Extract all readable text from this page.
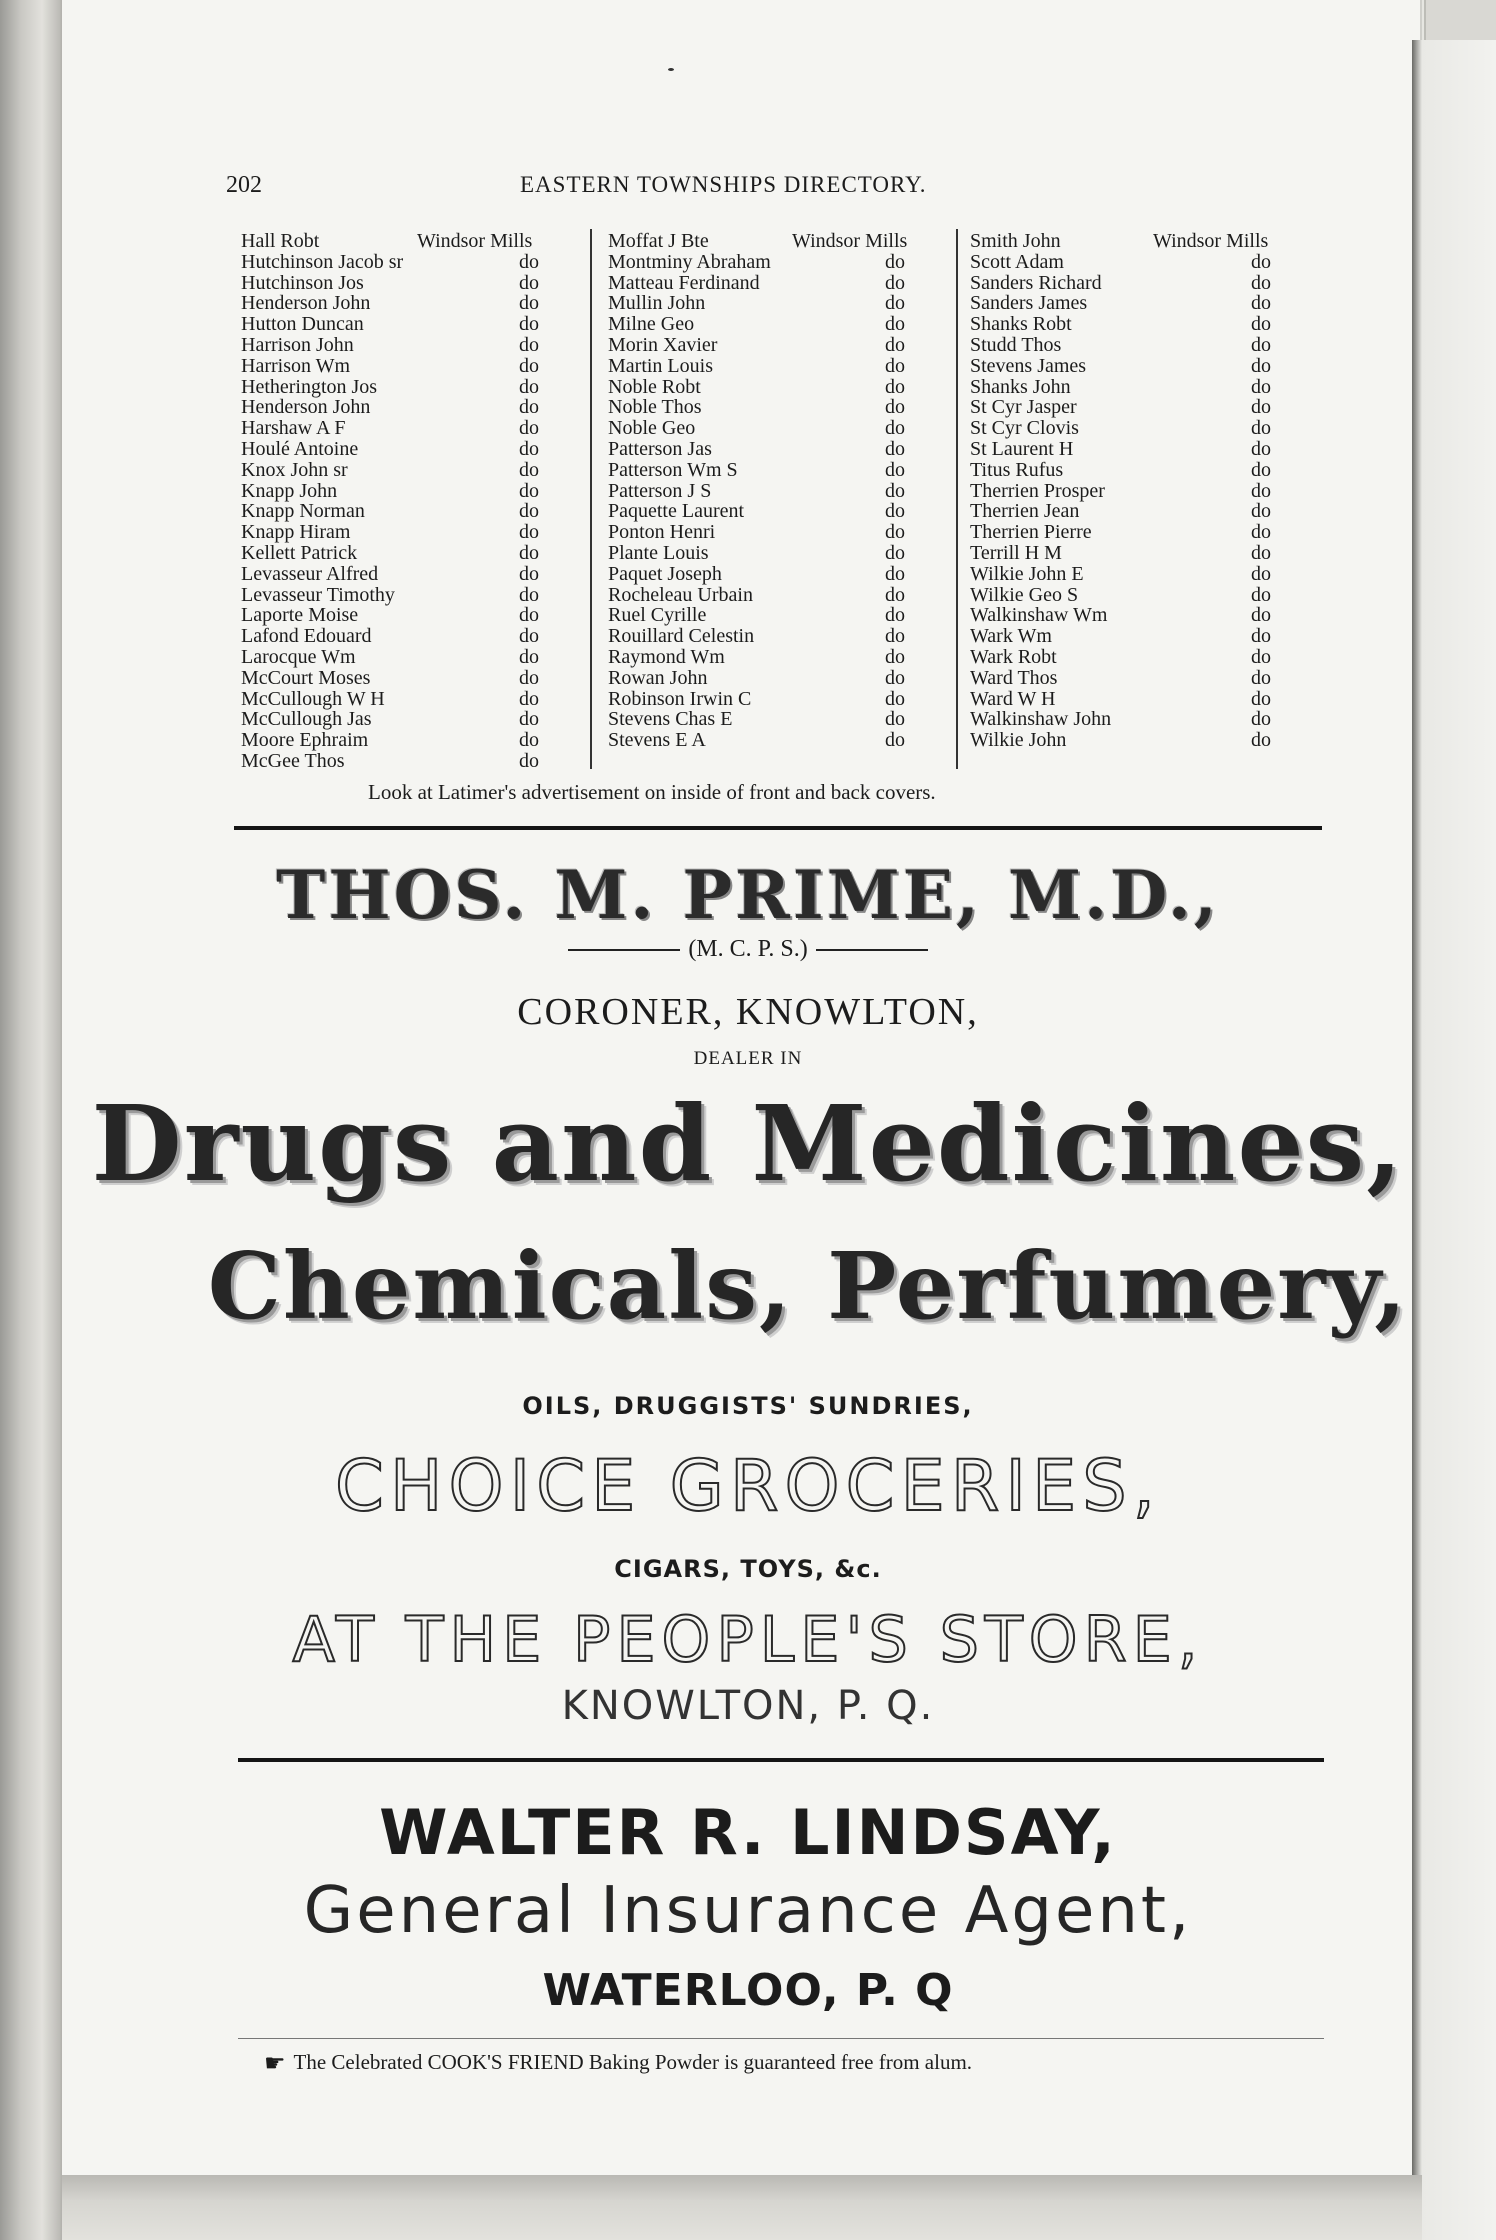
202	EASTERN TOWNSHIPS DIRECTORY.
Hall Robt	Windsor Mills
Hutchinson Jacob sr	do
Hutchinson Jos	do
Henderson John	do
Hutton Duncan	do
Harrison John	do
Harrison Wm	do
Hetherington Jos	do
Henderson John	do
Harshaw A F	do
Houlé Antoine	do
Knox John sr	do
Knapp John	do
Knapp Norman	do
Knapp Hiram	do
Kellett Patrick	do
Levasseur Alfred	do
Levasseur Timothy	do
Laporte Moise	do
Lafond Edouard	do
Larocque Wm	do
McCourt Moses	do
McCullough W H	do
McCullough Jas	do
Moore Ephraim	do
McGee Thos	do
Moffat J Bte	Windsor Mills
Montminy Abraham	do
Matteau Ferdinand	do
Mullin John	do
Milne Geo	do
Morin Xavier	do
Martin Louis	do
Noble Robt	do
Noble Thos	do
Noble Geo	do
Patterson Jas	do
Patterson Wm S	do
Patterson J S	do
Paquette Laurent	do
Ponton Henri	do
Plante Louis	do
Paquet Joseph	do
Rocheleau Urbain	do
Ruel Cyrille	do
Rouillard Celestin	do
Raymond Wm	do
Rowan John	do
Robinson Irwin C	do
Stevens Chas E	do
Stevens E A	do
Smith John	Windsor Mills
Scott Adam	do
Sanders Richard	do
Sanders James	do
Shanks Robt	do
Studd Thos	do
Stevens James	do
Shanks John	do
St Cyr Jasper	do
St Cyr Clovis	do
St Laurent H	do
Titus Rufus	do
Therrien Prosper	do
Therrien Jean	do
Therrien Pierre	do
Terrill H M	do
Wilkie John E	do
Wilkie Geo S	do
Walkinshaw Wm	do
Wark Wm	do
Wark Robt	do
Ward Thos	do
Ward W H	do
Walkinshaw John	do
Wilkie John	do
Look at Latimer's advertisement on inside of front and back covers.
THOS. M. PRIME, M.D.,
(M. C. P. S.)
CORONER, KNOWLTON,
DEALER IN
Drugs and Medicines,
Chemicals, Perfumery,
OILS, DRUGGISTS' SUNDRIES,
CHOICE GROCERIES,
CIGARS, TOYS, &c.
AT THE PEOPLE'S STORE,
KNOWLTON, P. Q.
WALTER R. LINDSAY,
General Insurance Agent,
WATERLOO, P. Q
☛ The Celebrated COOK'S FRIEND Baking Powder is guaranteed free from alum.
